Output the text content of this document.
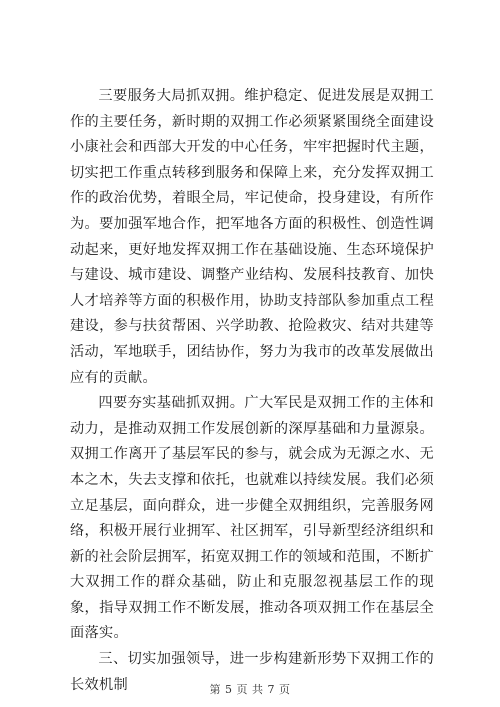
三要服务大局抓双拥。维护稳定、促进发展是双拥工作的主要任务，新时期的双拥工作必须紧紧围绕全面建设小康社会和西部大开发的中心任务，牢牢把握时代主题，切实把工作重点转移到服务和保障上来，充分发挥双拥工作的政治优势，着眼全局，牢记使命，投身建设，有所作为。要加强军地合作，把军地各方面的积极性、创造性调动起来，更好地发挥双拥工作在基础设施、生态环境保护与建设、城市建设、调整产业结构、发展科技教育、加快人才培养等方面的积极作用，协助支持部队参加重点工程建设，参与扶贫帮困、兴学助教、抢险救灾、结对共建等活动，军地联手，团结协作，努力为我市的改革发展做出应有的贡献。

四要夯实基础抓双拥。广大军民是双拥工作的主体和动力，是推动双拥工作发展创新的深厚基础和力量源泉。双拥工作离开了基层军民的参与，就会成为无源之水、无本之木，失去支撑和依托，也就难以持续发展。我们必须立足基层，面向群众，进一步健全双拥组织，完善服务网络，积极开展行业拥军、社区拥军，引导新型经济组织和新的社会阶层拥军，拓宽双拥工作的领域和范围，不断扩大双拥工作的群众基础，防止和克服忽视基层工作的现象，指导双拥工作不断发展，推动各项双拥工作在基层全面落实。

三、切实加强领导，进一步构建新形势下双拥工作的长效机制	第 5 页 共 7 页
